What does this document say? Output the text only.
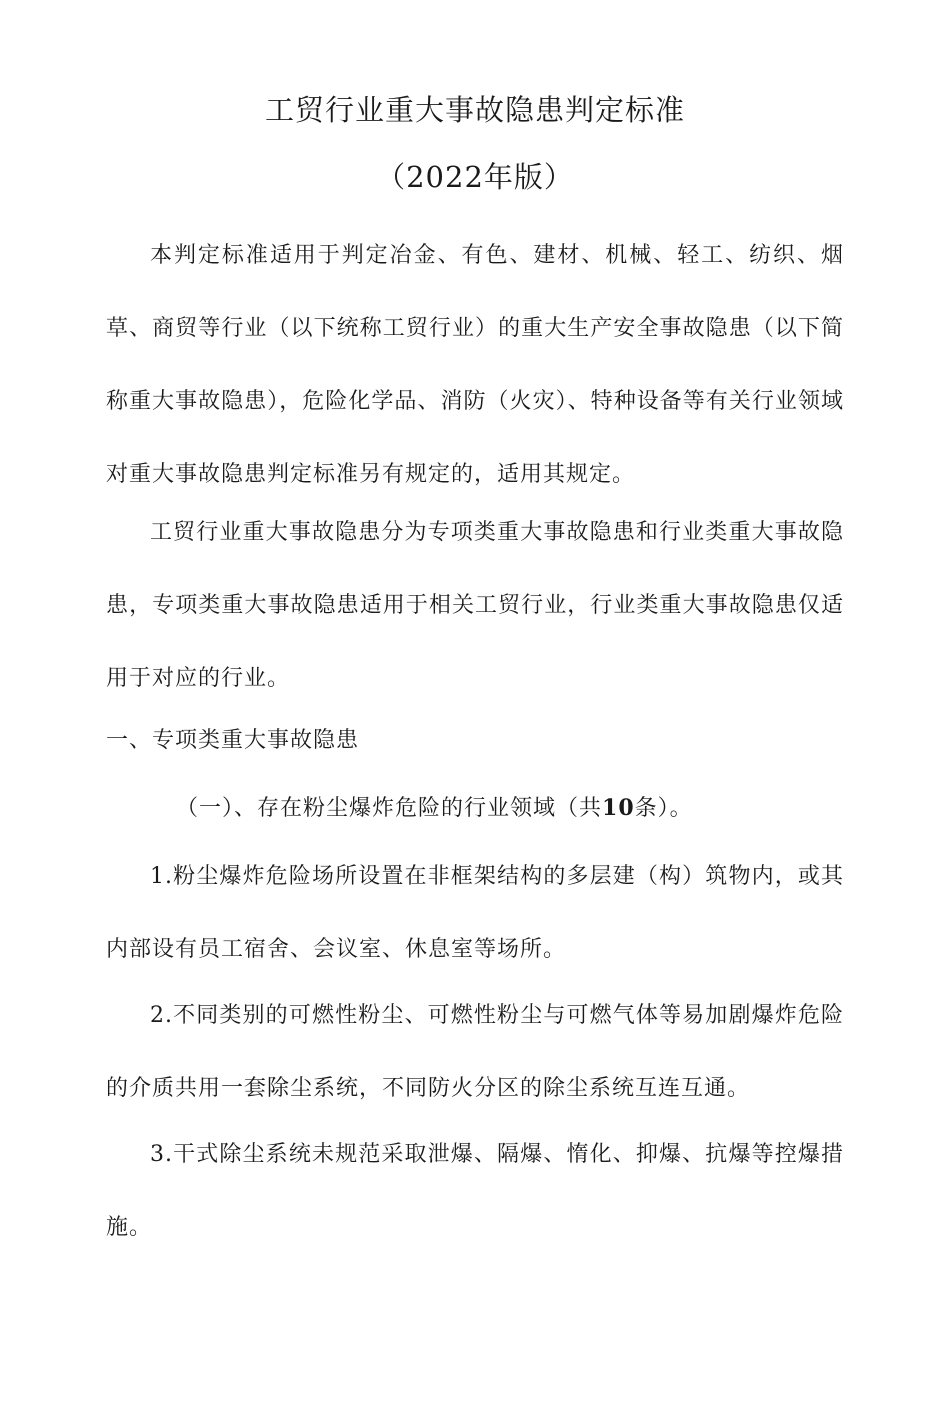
工贸行业重大事故隐患判定标准
（2022年版）

本判定标准适用于判定冶金、有色、建材、机械、轻工、纺织、烟草、商贸等行业（以下统称工贸行业）的重大生产安全事故隐患（以下简称重大事故隐患），危险化学品、消防（火灾）、特种设备等有关行业领域对重大事故隐患判定标准另有规定的，适用其规定。

工贸行业重大事故隐患分为专项类重大事故隐患和行业类重大事故隐患，专项类重大事故隐患适用于相关工贸行业，行业类重大事故隐患仅适用于对应的行业。

一、专项类重大事故隐患
（一）、存在粉尘爆炸危险的行业领域（共10条）。

1.粉尘爆炸危险场所设置在非框架结构的多层建（构）筑物内，或其内部设有员工宿舍、会议室、休息室等场所。

2.不同类别的可燃性粉尘、可燃性粉尘与可燃气体等易加剧爆炸危险的介质共用一套除尘系统，不同防火分区的除尘系统互连互通。

3.干式除尘系统未规范采取泄爆、隔爆、惰化、抑爆、抗爆等控爆措施。
